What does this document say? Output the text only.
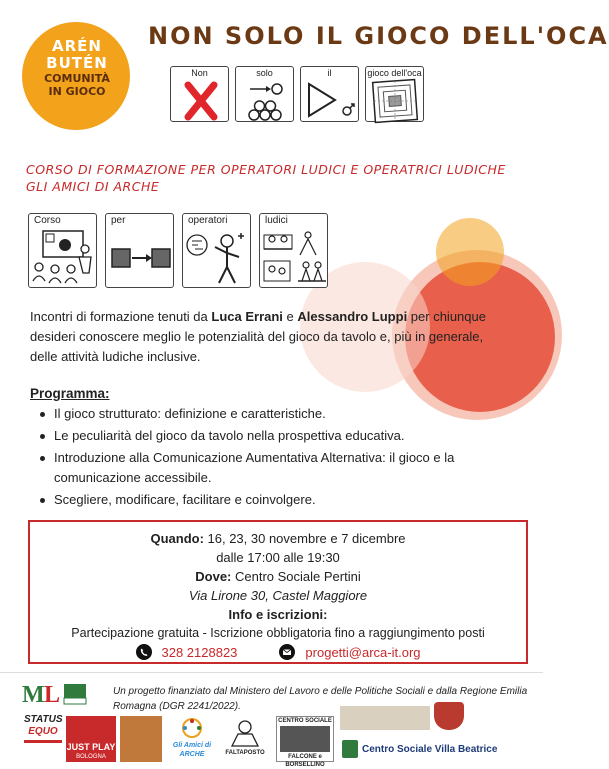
ARÉN
BUTÉN
COMUNITÀ
IN GIOCO
NON SOLO IL GIOCO DELL'OCA
Non	solo	il	gioco dell'oca
CORSO DI FORMAZIONE PER OPERATORI LUDICI E OPERATRICI LUDICHE GLI AMICI DI ARCHE
Corso	per	operatori	ludici
Incontri di formazione tenuti da Luca Errani e Alessandro Luppi per chiunque desideri conoscere meglio le potenzialità del gioco da tavolo e, più in generale, delle attività ludiche inclusive.
Programma:
Il gioco strutturato: definizione e caratteristiche.
Le peculiarità del gioco da tavolo nella prospettiva educativa.
Introduzione alla Comunicazione Aumentativa Alternativa: il gioco e la comunicazione accessibile.
Scegliere, modificare, facilitare e coinvolgere.
Quando: 16, 23, 30 novembre e 7 dicembre
dalle 17:00 alle 19:30
Dove: Centro Sociale Pertini
Via Lirone 30, Castel Maggiore
Info e iscrizioni:
Partecipazione gratuita - Iscrizione obbligatoria fino a raggiungimento posti
328 2128823	progetti@arca-it.org
M L	Un progetto finanziato dal Ministero del Lavoro e delle Politiche Sociali e dalla Regione Emilia Romagna (DGR 2241/2022).
STATUS
EQUO
JUST PLAY
BOLOGNA
Gli Amici di ARCHE	FALTAPOSTO
CENTRO SOCIALE
FALCONE e BORSELLINO
Centro Sociale Villa Beatrice
